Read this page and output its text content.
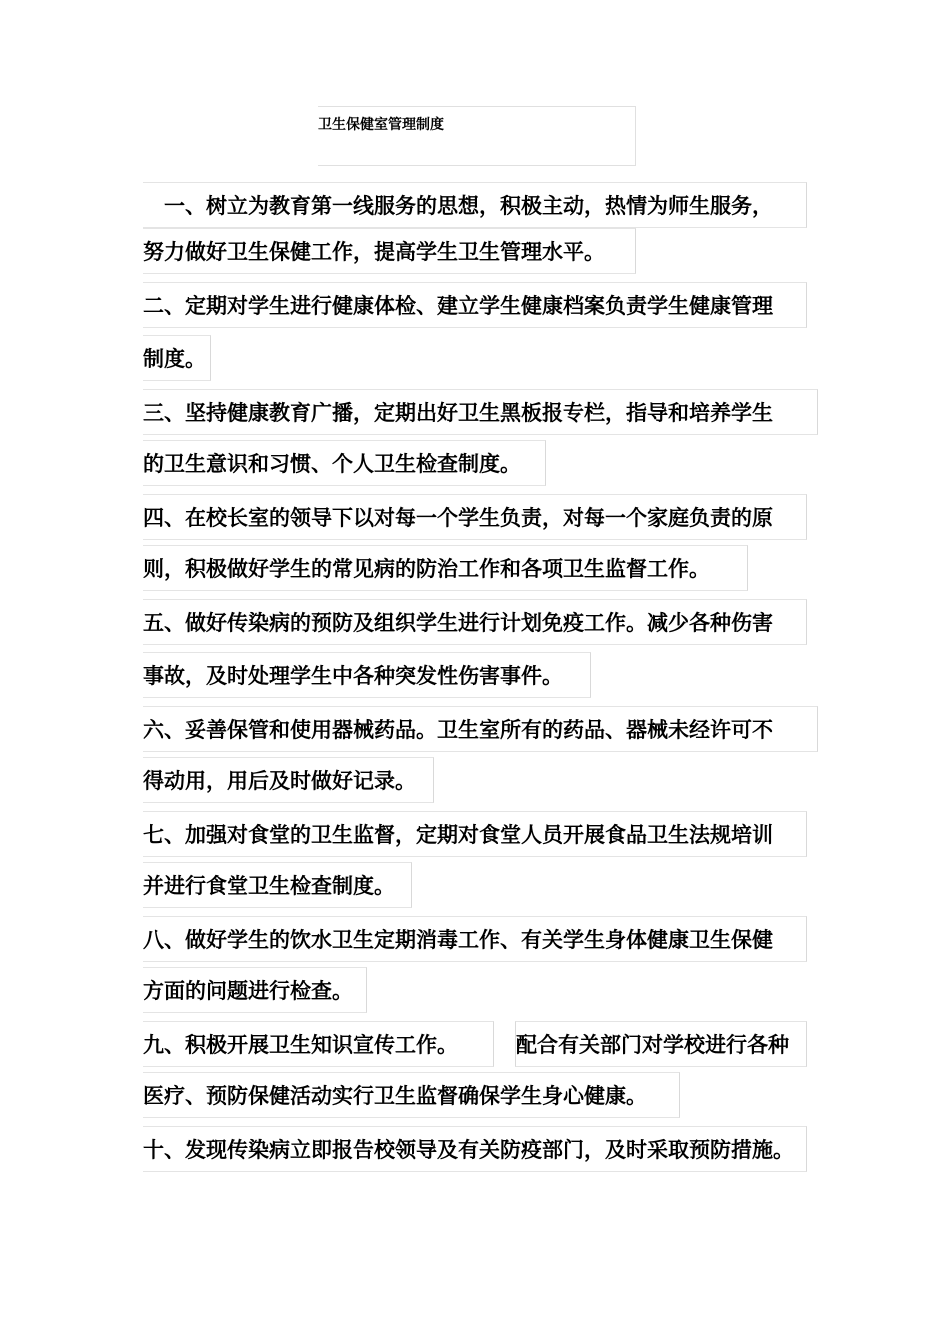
卫生保健室管理制度
　一、树立为教育第一线服务的思想，积极主动，热情为师生服务，
努力做好卫生保健工作，提高学生卫生管理水平。
二、定期对学生进行健康体检、建立学生健康档案负责学生健康管理
制度。
三、坚持健康教育广播，定期出好卫生黑板报专栏，指导和培养学生
的卫生意识和习惯、个人卫生检查制度。
四、在校长室的领导下以对每一个学生负责，对每一个家庭负责的原
则，积极做好学生的常见病的防治工作和各项卫生监督工作。
五、做好传染病的预防及组织学生进行计划免疫工作。减少各种伤害
事故，及时处理学生中各种突发性伤害事件。
六、妥善保管和使用器械药品。卫生室所有的药品、器械未经许可不
得动用，用后及时做好记录。
七、加强对食堂的卫生监督，定期对食堂人员开展食品卫生法规培训
并进行食堂卫生检查制度。
八、做好学生的饮水卫生定期消毒工作、有关学生身体健康卫生保健
方面的问题进行检查。
九、积极开展卫生知识宣传工作。	配合有关部门对学校进行各种
医疗、预防保健活动实行卫生监督确保学生身心健康。
十、发现传染病立即报告校领导及有关防疫部门，及时采取预防措施。
